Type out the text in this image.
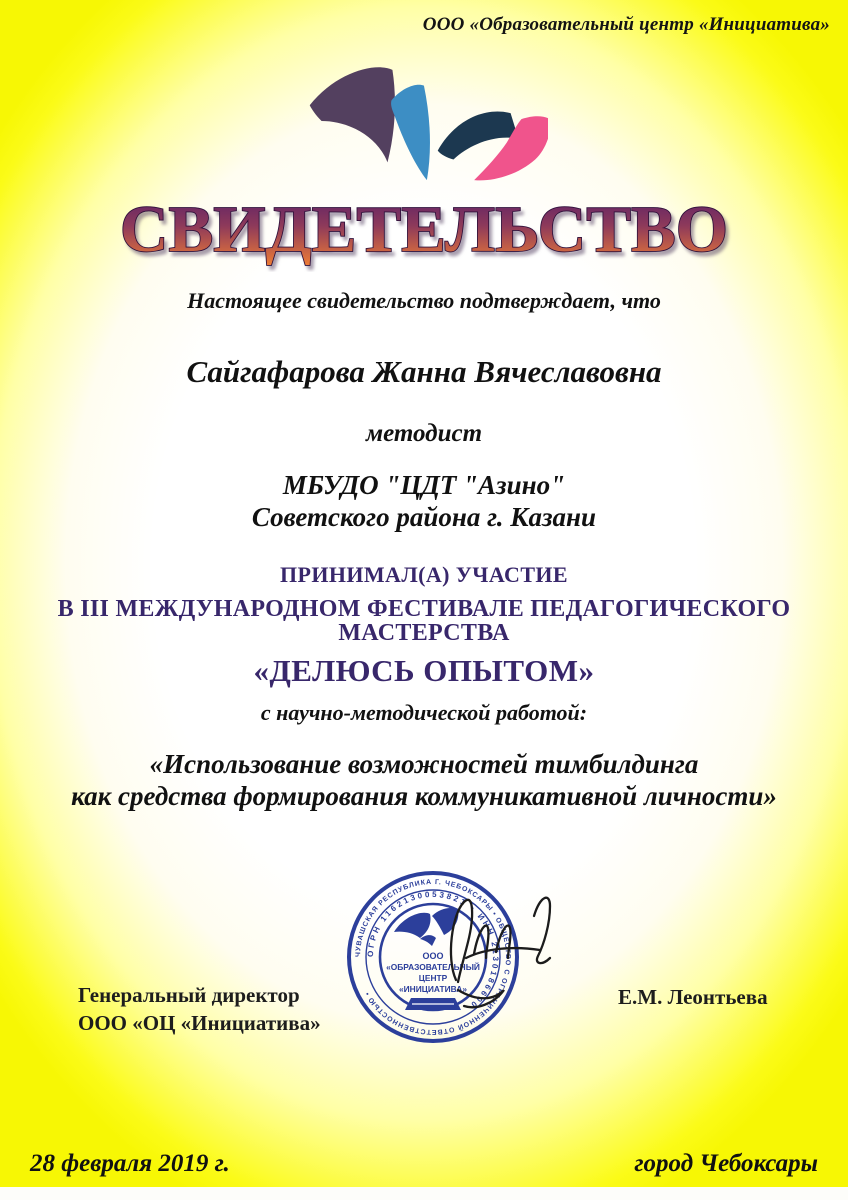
ООО «Образовательный центр «Инициатива»
СВИДЕТЕЛЬСТВО
Настоящее свидетельство подтверждает, что
Сайгафарова Жанна Вячеславовна
методист
МБУДО "ЦДТ "Азино"
Советского района г. Казани
ПРИНИМАЛ(А) УЧАСТИЕ
В III МЕЖДУНАРОДНОМ ФЕСТИВАЛЕ ПЕДАГОГИЧЕСКОГО МАСТЕРСТВА
«ДЕЛЮСЬ ОПЫТОМ»
с научно-методической работой:
«Использование возможностей тимбилдинга
как средства формирования коммуникативной личности»
ЧУВАШСКАЯ РЕСПУБЛИКА Г. ЧЕБОКСАРЫ • ОБЩЕСТВО С ОГРАНИЧЕННОЙ ОТВЕТСТВЕННОСТЬЮ •
ОГРН 1162130053821 • ИНН 2130186600
ООО
«ОБРАЗОВАТЕЛЬНЫЙ
ЦЕНТР
«ИНИЦИАТИВА»
Генеральный директор
ООО «ОЦ «Инициатива»
Е.М. Леонтьева
28 февраля 2019 г.	город Чебоксары
